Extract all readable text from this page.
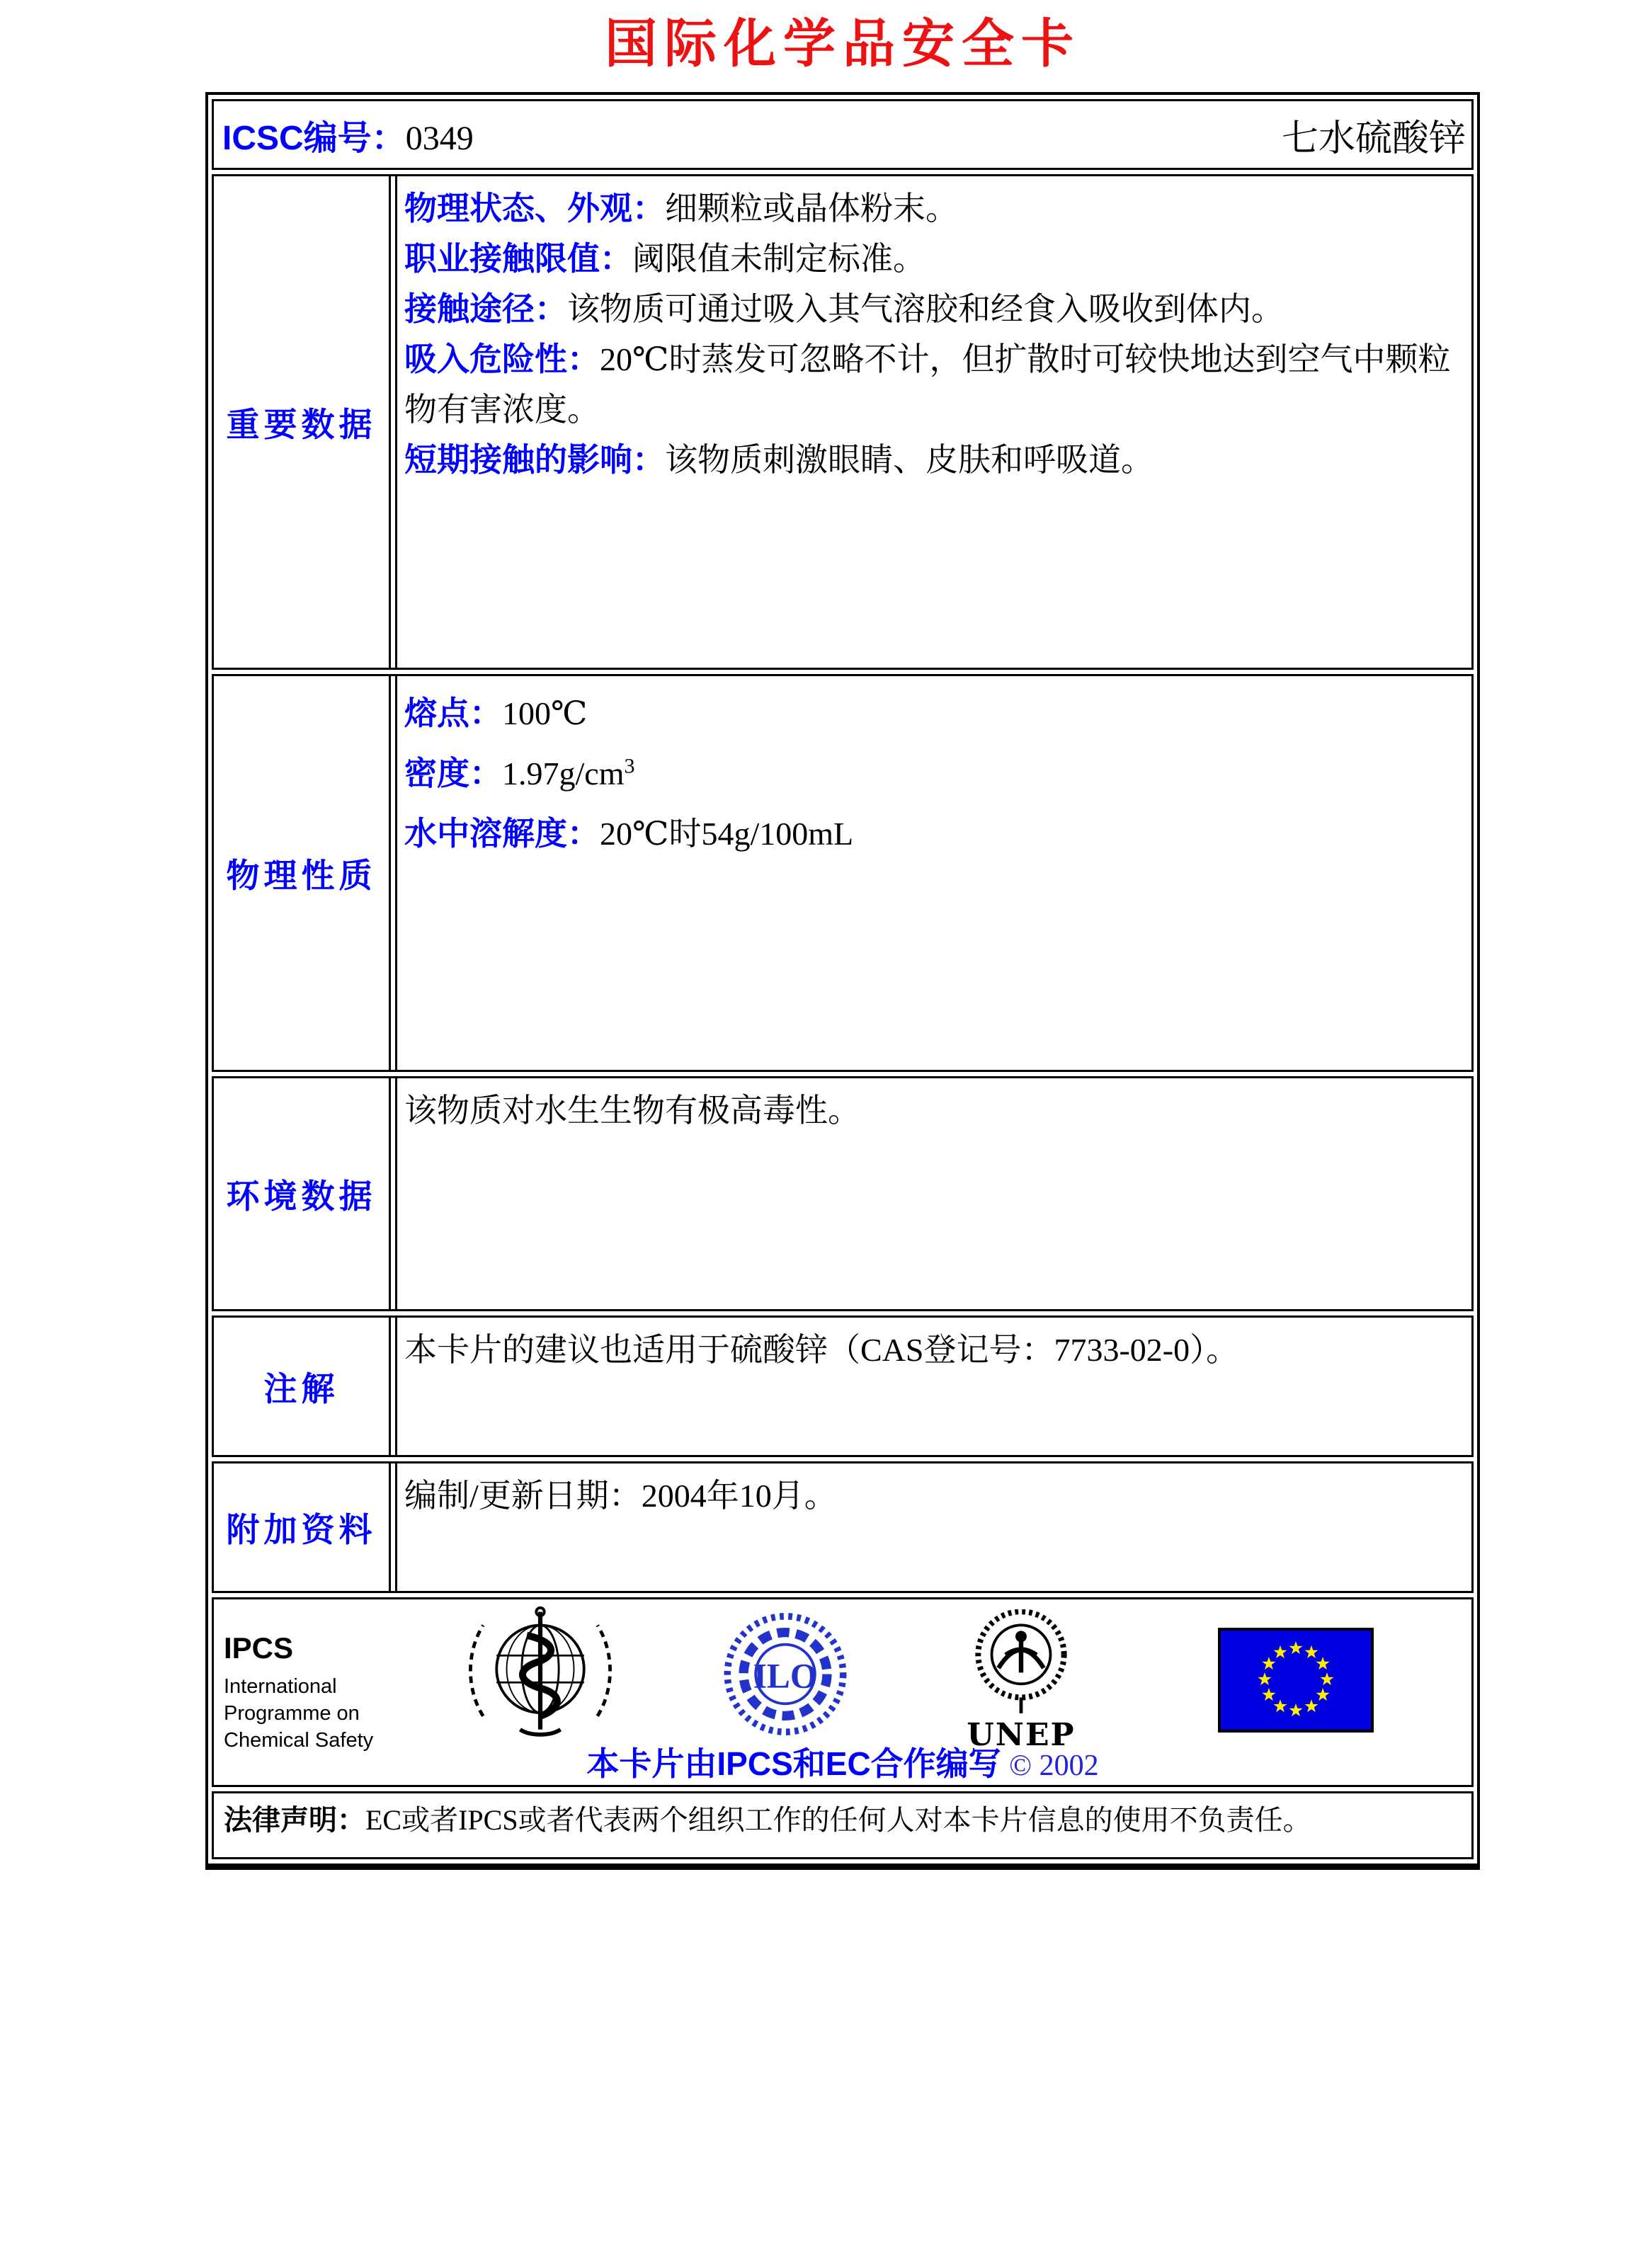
国际化学品安全卡
ICSC编号：0349	七水硫酸锌
重要数据

物理状态、外观：细颗粒或晶体粉末。

职业接触限值：阈限值未制定标准。

接触途径：该物质可通过吸入其气溶胶和经食入吸收到体内。

吸入危险性：20℃时蒸发可忽略不计，但扩散时可较快地达到空气中颗粒物有害浓度。

短期接触的影响：该物质刺激眼睛、皮肤和呼吸道。

物理性质

熔点：100℃

密度：$1.97g/cm^3$

水中溶解度：20℃时54g/100mL

环境数据

该物质对水生生物有极高毒性。

注解

本卡片的建议也适用于硫酸锌（CAS登记号：7733-02-0）。

附加资料

编制/更新日期：2004年10月。

IPCS
International
Programme on
Chemical Safety
ILO
UNEP
本卡片由IPCS和EC合作编写 © 2002

法律声明：EC或者IPCS或者代表两个组织工作的任何人对本卡片信息的使用不负责任。
